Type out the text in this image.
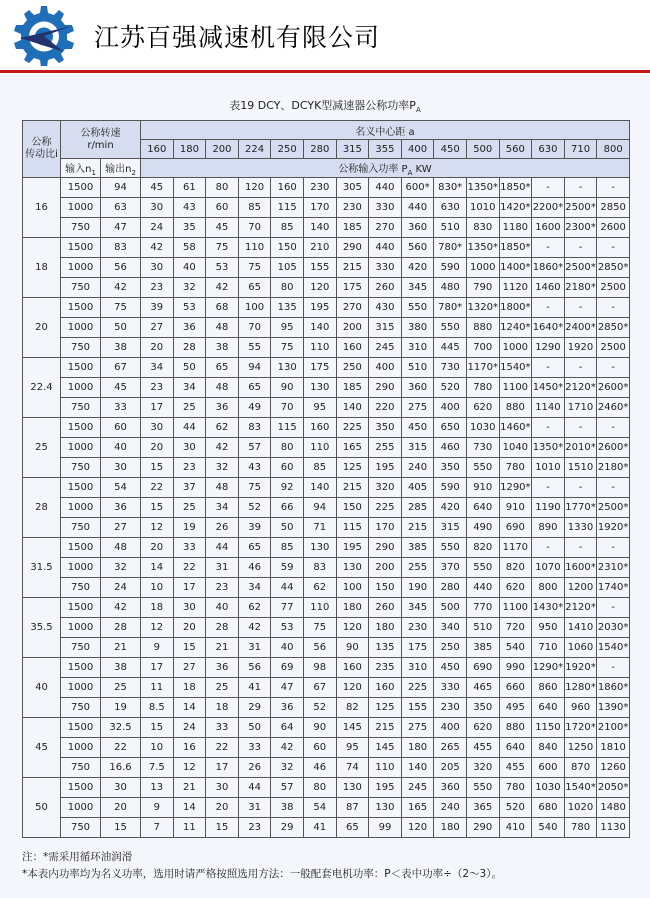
江苏百强减速机有限公司
表19 DCY、DCYK型减速器公称功率$P_A$
公称
传动比i	公称转速
r/min		名义中心距 a														
			160	180	200	224	250	280	315	355	400	450	500	560	630	710	800
	输入$n_1$	输出$n_2$	公称输入功率 $P_A$ KW														
16	1500	94	45	61	80	120	160	230	305	440	600*	830*	1350*	1850*	-	-	-
	1000	63	30	43	60	85	115	170	230	330	440	630	1010	1420*	2200*	2500*	2850
	750	47	24	35	45	70	85	140	185	270	360	510	830	1180	1600	2300*	2600
18	1500	83	42	58	75	110	150	210	290	440	560	780*	1350*	1850*	-	-	-
	1000	56	30	40	53	75	105	155	215	330	420	590	1000	1400*	1860*	2500*	2850*
	750	42	23	32	42	65	80	120	175	260	345	480	790	1120	1460	2180*	2500
20	1500	75	39	53	68	100	135	195	270	430	550	780*	1320*	1800*	-	-	-
	1000	50	27	36	48	70	95	140	200	315	380	550	880	1240*	1640*	2400*	2850*
	750	38	20	28	38	55	75	110	160	245	310	445	700	1000	1290	1920	2500
22.4	1500	67	34	50	65	94	130	175	250	400	510	730	1170*	1540*	-	-	-
	1000	45	23	34	48	65	90	130	185	290	360	520	780	1100	1450*	2120*	2600*
	750	33	17	25	36	49	70	95	140	220	275	400	620	880	1140	1710	2460*
25	1500	60	30	44	62	83	115	160	225	350	450	650	1030	1460*	-	-	-
	1000	40	20	30	42	57	80	110	165	255	315	460	730	1040	1350*	2010*	2600*
	750	30	15	23	32	43	60	85	125	195	240	350	550	780	1010	1510	2180*
28	1500	54	22	37	48	75	92	140	215	320	405	590	910	1290*	-	-	-
	1000	36	15	25	34	52	66	94	150	225	285	420	640	910	1190	1770*	2500*
	750	27	12	19	26	39	50	71	115	170	215	315	490	690	890	1330	1920*
31.5	1500	48	20	33	44	65	85	130	195	290	385	550	820	1170	-	-	-
	1000	32	14	22	31	46	59	83	130	200	255	370	550	820	1070	1600*	2310*
	750	24	10	17	23	34	44	62	100	150	190	280	440	620	800	1200	1740*
35.5	1500	42	18	30	40	62	77	110	180	260	345	500	770	1100	1430*	2120*	-
	1000	28	12	20	28	42	53	75	120	180	230	340	510	720	950	1410	2030*
	750	21	9	15	21	31	40	56	90	135	175	250	385	540	710	1060	1540*
40	1500	38	17	27	36	56	69	98	160	235	310	450	690	990	1290*	1920*	-
	1000	25	11	18	25	41	47	67	120	160	225	330	465	660	860	1280*	1860*
	750	19	8.5	14	18	29	36	52	82	125	155	230	350	495	640	960	1390*
45	1500	32.5	15	24	33	50	64	90	145	215	275	400	620	880	1150	1720*	2100*
	1000	22	10	16	22	33	42	60	95	145	180	265	455	640	840	1250	1810
	750	16.6	7.5	12	17	26	32	46	74	110	140	205	320	455	600	870	1260
50	1500	30	13	21	30	44	57	80	130	195	245	360	550	780	1030	1540*	2050*
	1000	20	9	14	20	31	38	54	87	130	165	240	365	520	680	1020	1480
	750	15	7	11	15	23	29	41	65	99	120	180	290	410	540	780	1130
注：*需采用循环油润滑
*本表内功率均为名义功率，选用时请严格按照选用方法：一般配套电机功率：P＜表中功率÷（2～3）。
